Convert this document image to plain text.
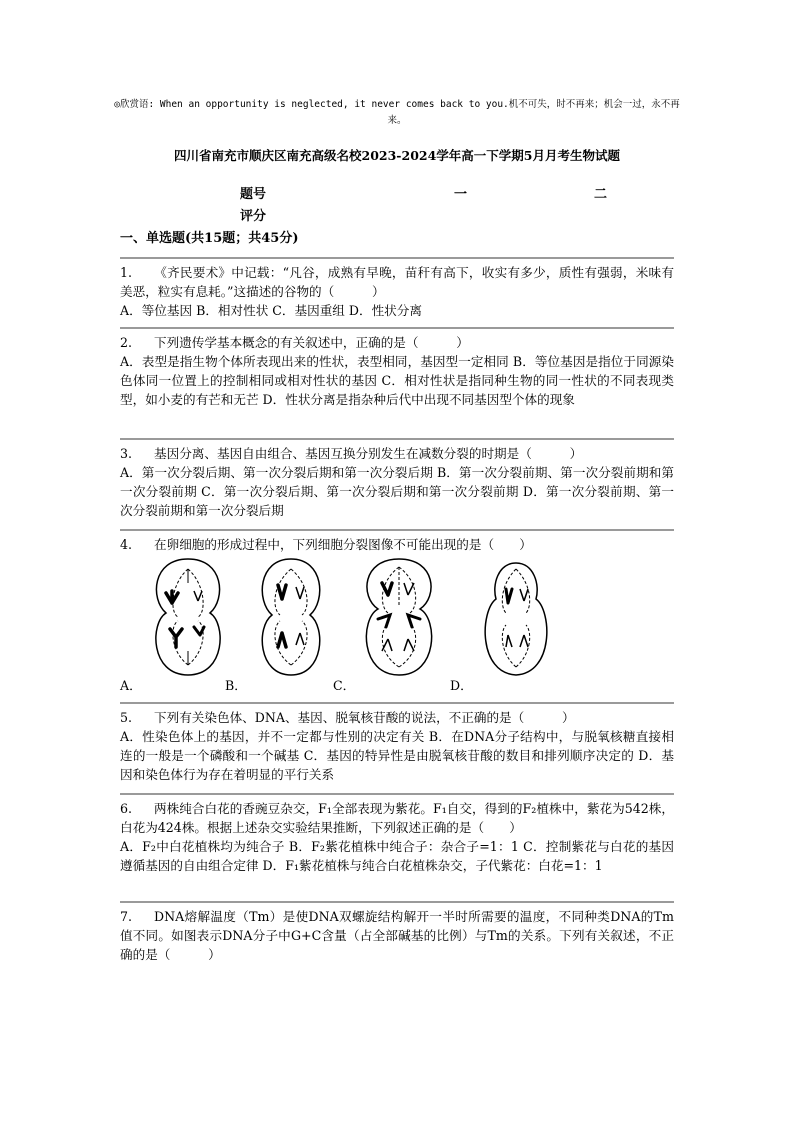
◎欣赏语: When an opportunity is neglected, it never comes back to you.机不可失，时不再来；机会一过，永不再来。
四川省南充市顺庆区南充高级名校2023-2024学年高一下学期5月月考生物试题
题号	一	二
评分
一、单选题(共15题；共45分)
1. 《齐民要术》中记载：“凡谷，成熟有早晚，苗秆有高下，收实有多少，质性有强弱，米味有美恶，粒实有息耗。”这描述的谷物的（　　　）
A．等位基因 B．相对性状 C．基因重组 D．性状分离
2. 下列遗传学基本概念的有关叙述中，正确的是（　　　）
A．表型是指生物个体所表现出来的性状，表型相同，基因型一定相同 B．等位基因是指位于同源染色体同一位置上的控制相同或相对性状的基因 C．相对性状是指同种生物的同一性状的不同表现类型，如小麦的有芒和无芒 D．性状分离是指杂种后代中出现不同基因型个体的现象
3. 基因分离、基因自由组合、基因互换分别发生在减数分裂的时期是（　　　）
A．第一次分裂后期、第一次分裂后期和第一次分裂后期 B．第一次分裂前期、第一次分裂前期和第一次分裂前期 C．第一次分裂后期、第一次分裂后期和第一次分裂前期 D．第一次分裂前期、第一次分裂前期和第一次分裂后期
4. 在卵细胞的形成过程中，下列细胞分裂图像不可能出现的是（　　）
A．	B．	C．	D．
5. 下列有关染色体、DNA、基因、脱氧核苷酸的说法，不正确的是（　　　）
A．性染色体上的基因，并不一定都与性别的决定有关 B．在DNA分子结构中，与脱氧核糖直接相连的一般是一个磷酸和一个碱基 C．基因的特异性是由脱氧核苷酸的数目和排列顺序决定的 D．基因和染色体行为存在着明显的平行关系
6. 两株纯合白花的香豌豆杂交，F₁全部表现为紫花。F₁自交，得到的F₂植株中，紫花为542株，白花为424株。根据上述杂交实验结果推断，下列叙述正确的是（　　）
A．F₂中白花植株均为纯合子 B．F₂紫花植株中纯合子：杂合子=1：1 C．控制紫花与白花的基因遵循基因的自由组合定律 D．F₁紫花植株与纯合白花植株杂交，子代紫花：白花=1：1
7. DNA熔解温度（Tm）是使DNA双螺旋结构解开一半时所需要的温度，不同种类DNA的Tm值不同。如图表示DNA分子中G+C含量（占全部碱基的比例）与Tm的关系。下列有关叙述，不正确的是（　　　）
